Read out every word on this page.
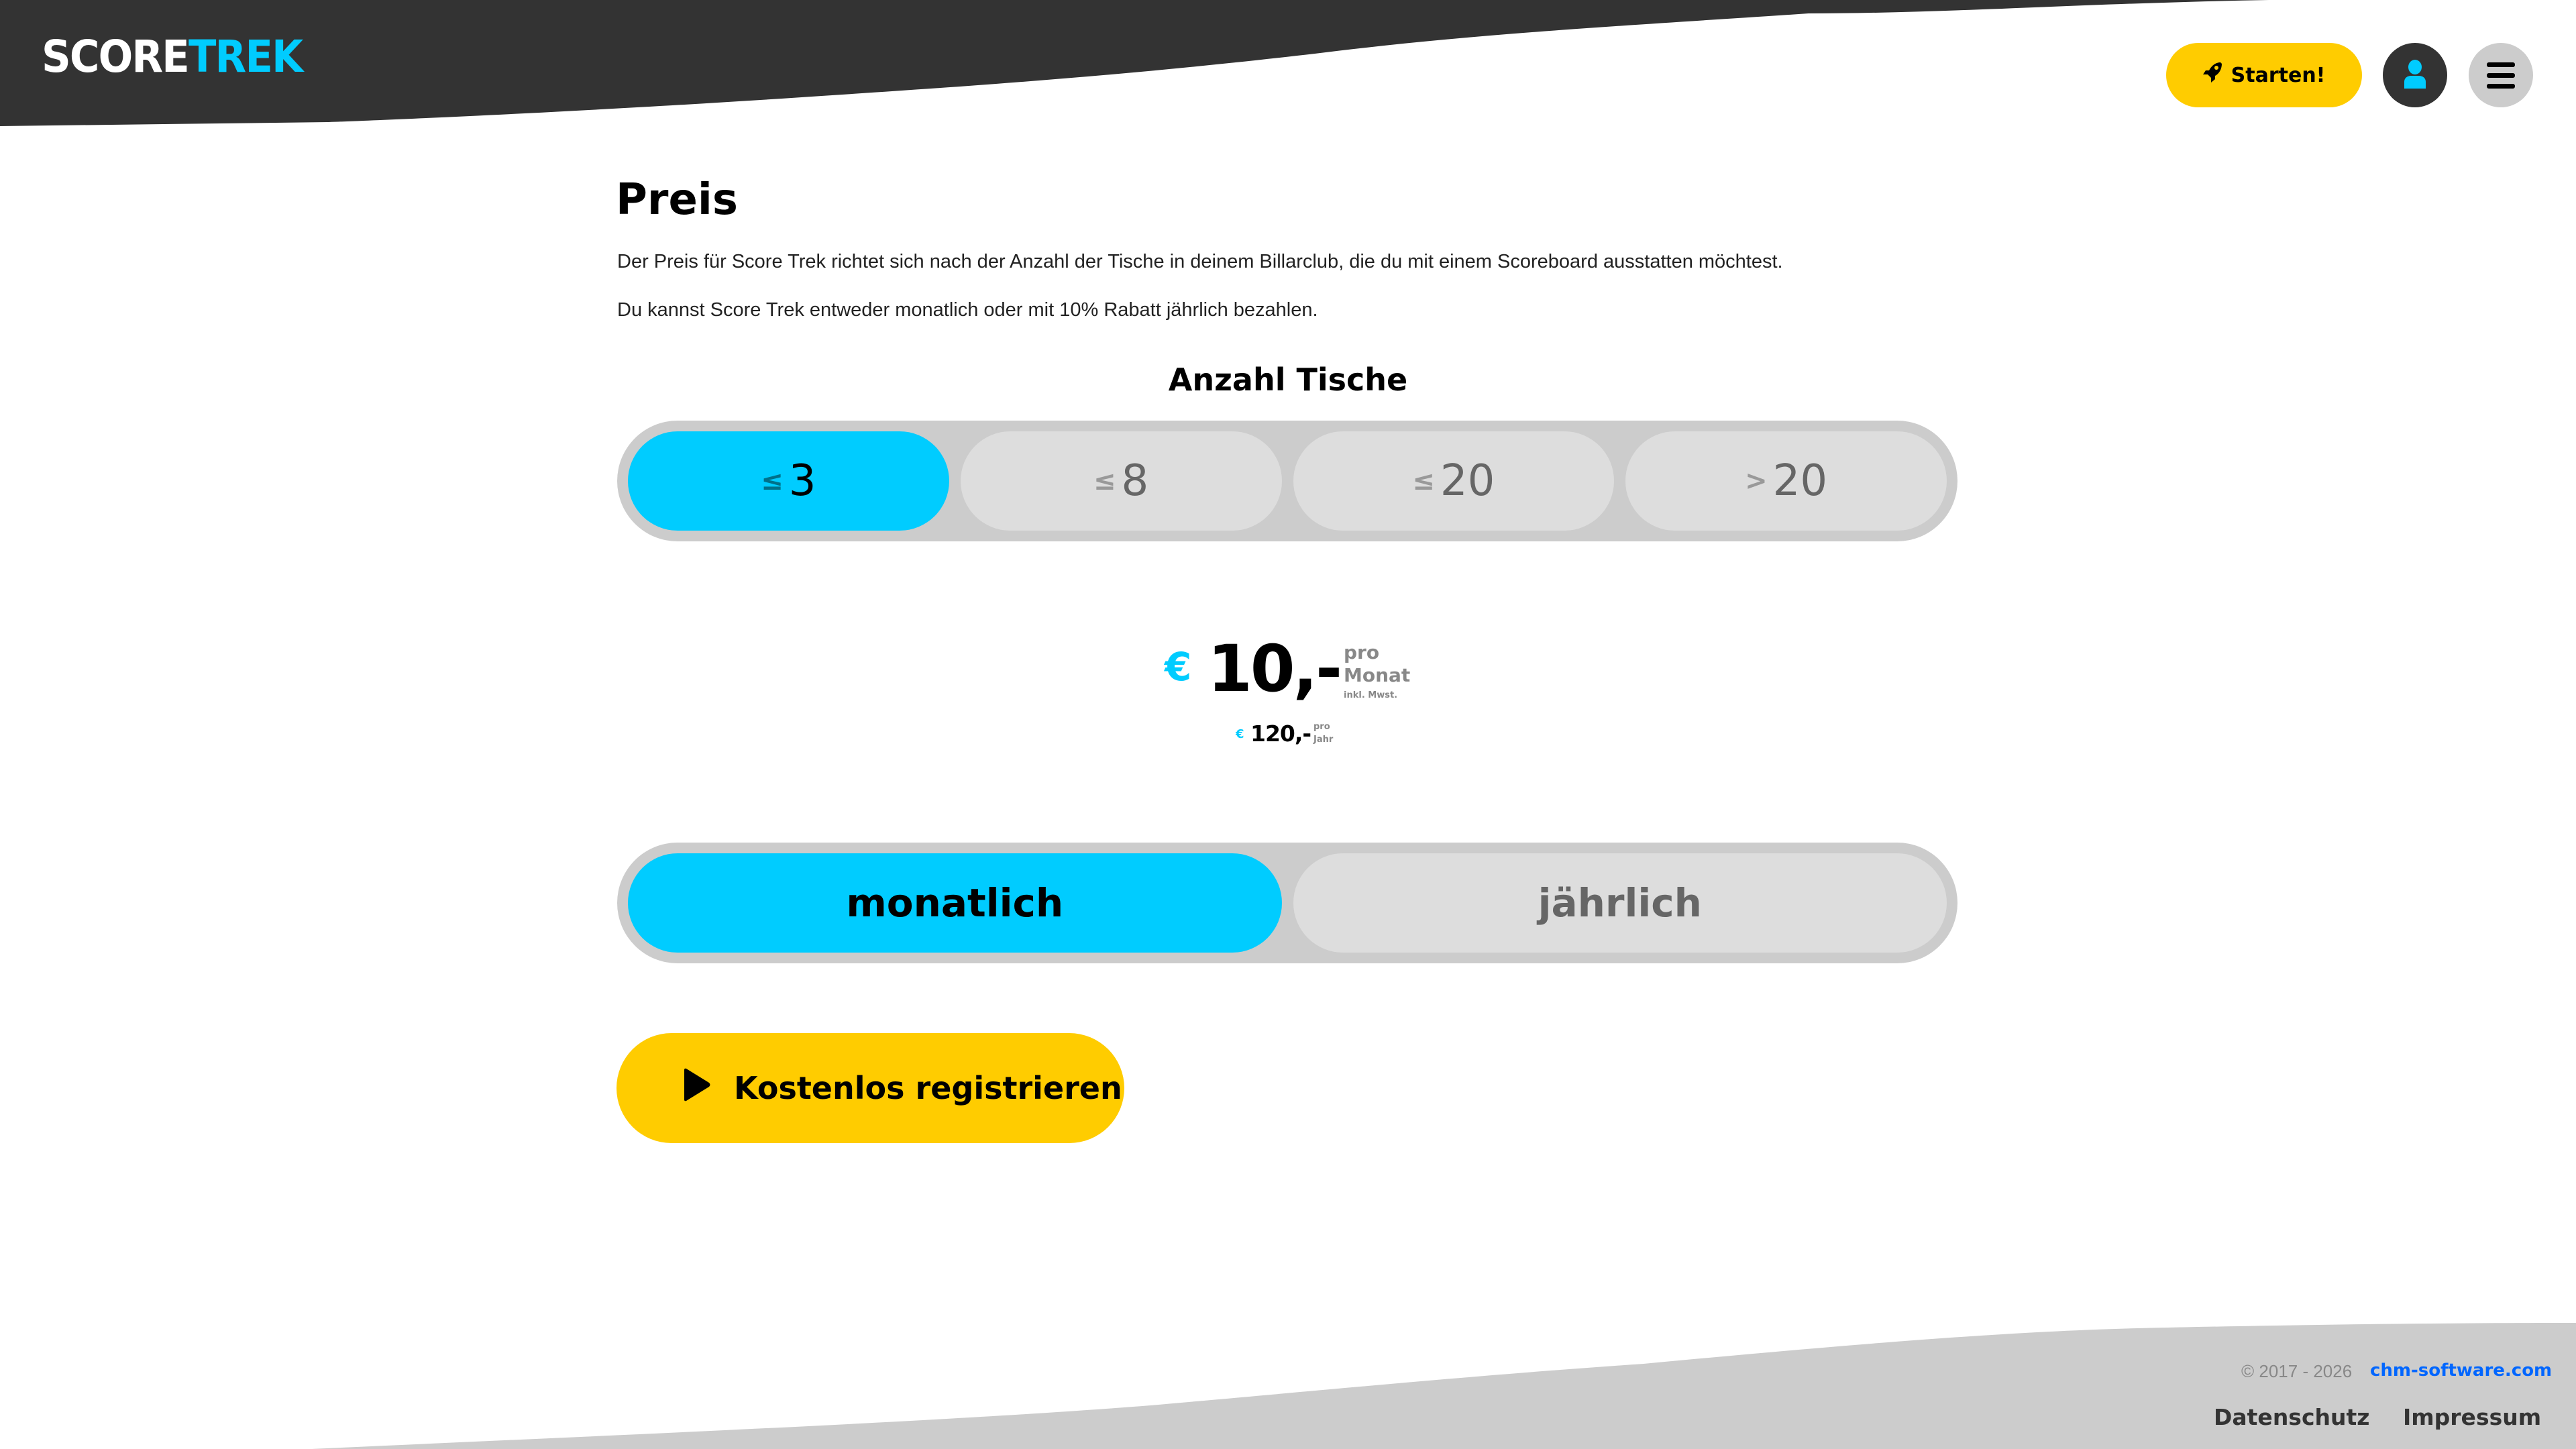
SCORETREK	Starten!
Preis
Der Preis für Score Trek richtet sich nach der Anzahl der Tische in deinem Billarclub, die du mit einem Scoreboard ausstatten möchtest.
Du kannst Score Trek entweder monatlich oder mit 10% Rabatt jährlich bezahlen.
Anzahl Tische
≤ 3	≤ 8	≤ 20	> 20
€ 10,- pro
Monat
inkl. Mwst.
€ 120,- pro
Jahr
monatlich	jährlich
Kostenlos registrieren
© 2017 - 2026 chm-software.com
Datenschutz Impressum
